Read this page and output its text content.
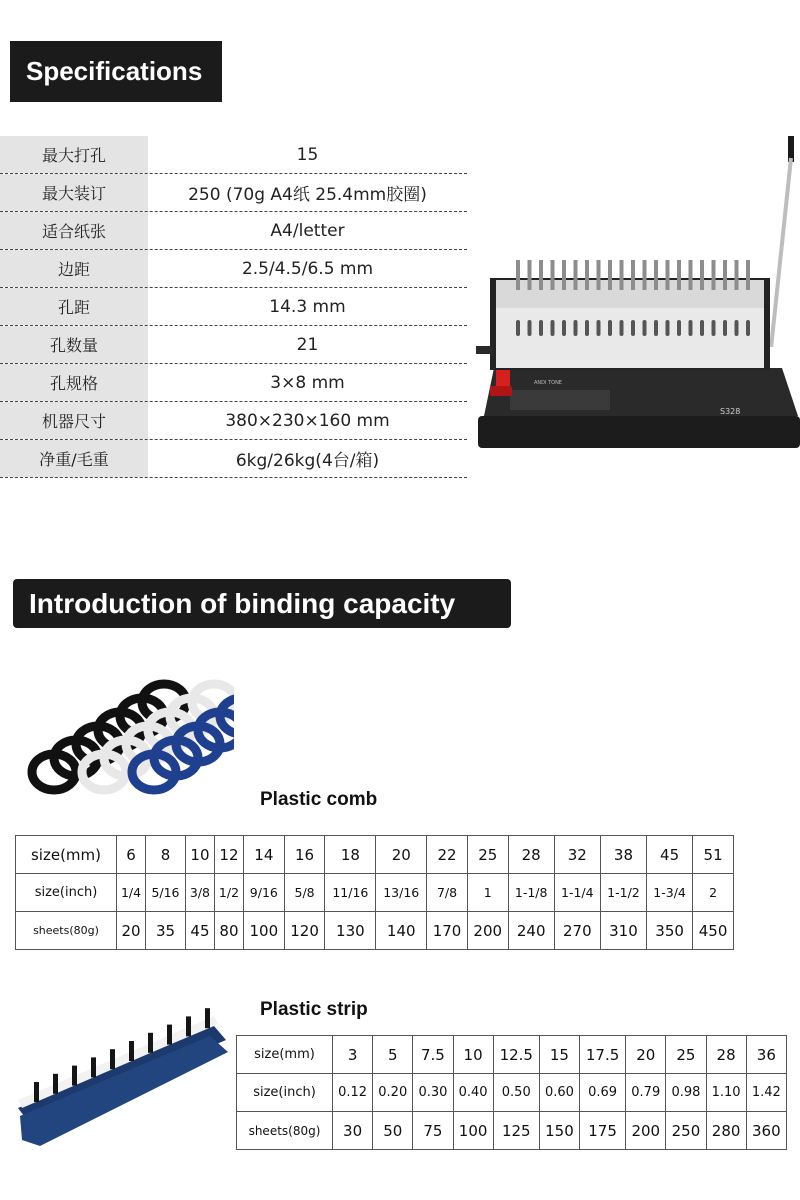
Specifications
最大打孔	15
最大装订	250 (70g A4纸 25.4mm胶圈)
适合纸张	A4/letter
边距	2.5/4.5/6.5 mm
孔距	14.3 mm
孔数量	21
孔规格	3×8 mm
机器尺寸	380×230×160 mm
净重/毛重	6kg/26kg(4台/箱)
S328
ANDI TONE
Introduction of binding capacity
Plastic comb
size(mm)	6	8	10	12	14	16	18	20	22	25	28	32	38	45	51
size(inch)	1/4	5/16	3/8	1/2	9/16	5/8	11/16	13/16	7/8	1	1-1/8	1-1/4	1-1/2	1-3/4	2
sheets(80g)	20	35	45	80	100	120	130	140	170	200	240	270	310	350	450
Plastic strip
size(mm)	3	5	7.5	10	12.5	15	17.5	20	25	28	36
size(inch)	0.12	0.20	0.30	0.40	0.50	0.60	0.69	0.79	0.98	1.10	1.42
sheets(80g)	30	50	75	100	125	150	175	200	250	280	360
